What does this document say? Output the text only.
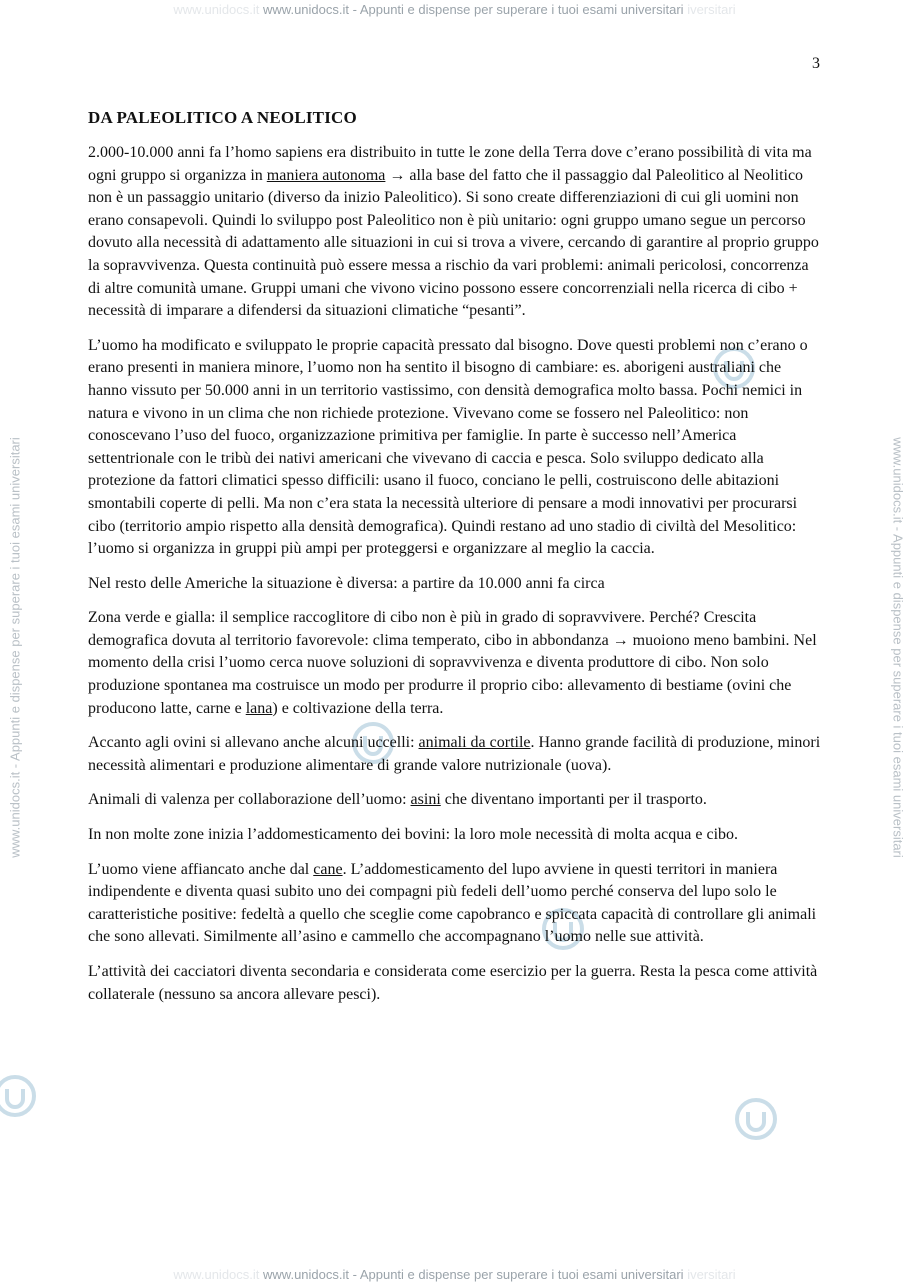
www.unidocs.it www.unidocs.it - Appunti e dispense per superare i tuoi esami universitari iversitari
www.unidocs.it - Appunti e dispense per superare i tuoi esami universitari	www.unidocs.it - Appunti e dispense per superare i tuoi esami universitari
3
DA PALEOLITICO A NEOLITICO

2.000-10.000 anni fa l’homo sapiens era distribuito in tutte le zone della Terra dove c’erano possibilità di vita ma ogni gruppo si organizza in maniera autonoma → alla base del fatto che il passaggio dal Paleolitico al Neolitico non è un passaggio unitario (diverso da inizio Paleolitico). Si sono create differenziazioni di cui gli uomini non erano consapevoli. Quindi lo sviluppo post Paleolitico non è più unitario: ogni gruppo umano segue un percorso dovuto alla necessità di adattamento alle situazioni in cui si trova a vivere, cercando di garantire al proprio gruppo la sopravvivenza. Questa continuità può essere messa a rischio da vari problemi: animali pericolosi, concorrenza di altre comunità umane. Gruppi umani che vivono vicino possono essere concorrenziali nella ricerca di cibo + necessità di imparare a difendersi da situazioni climatiche “pesanti”.

L’uomo ha modificato e sviluppato le proprie capacità pressato dal bisogno. Dove questi problemi non c’erano o erano presenti in maniera minore, l’uomo non ha sentito il bisogno di cambiare: es. aborigeni australiani che hanno vissuto per 50.000 anni in un territorio vastissimo, con densità demografica molto bassa. Pochi nemici in natura e vivono in un clima che non richiede protezione. Vivevano come se fossero nel Paleolitico: non conoscevano l’uso del fuoco, organizzazione primitiva per famiglie. In parte è successo nell’America settentrionale con le tribù dei nativi americani che vivevano di caccia e pesca. Solo sviluppo dedicato alla protezione da fattori climatici spesso difficili: usano il fuoco, conciano le pelli, costruiscono delle abitazioni smontabili coperte di pelli. Ma non c’era stata la necessità ulteriore di pensare a modi innovativi per procurarsi cibo (territorio ampio rispetto alla densità demografica). Quindi restano ad uno stadio di civiltà del Mesolitico: l’uomo si organizza in gruppi più ampi per proteggersi e organizzare al meglio la caccia.

Nel resto delle Americhe la situazione è diversa: a partire da 10.000 anni fa circa

Zona verde e gialla: il semplice raccoglitore di cibo non è più in grado di sopravvivere. Perché? Crescita demografica dovuta al territorio favorevole: clima temperato, cibo in abbondanza → muoiono meno bambini. Nel momento della crisi l’uomo cerca nuove soluzioni di sopravvivenza e diventa produttore di cibo. Non solo produzione spontanea ma costruisce un modo per produrre il proprio cibo: allevamento di bestiame (ovini che producono latte, carne e lana) e coltivazione della terra.

Accanto agli ovini si allevano anche alcuni uccelli: animali da cortile. Hanno grande facilità di produzione, minori necessità alimentari e produzione alimentare di grande valore nutrizionale (uova).

Animali di valenza per collaborazione dell’uomo: asini che diventano importanti per il trasporto.

In non molte zone inizia l’addomesticamento dei bovini: la loro mole necessità di molta acqua e cibo.

L’uomo viene affiancato anche dal cane. L’addomesticamento del lupo avviene in questi territori in maniera indipendente e diventa quasi subito uno dei compagni più fedeli dell’uomo perché conserva del lupo solo le caratteristiche positive: fedeltà a quello che sceglie come capobranco e spiccata capacità di controllare gli animali che sono allevati. Similmente all’asino e cammello che accompagnano l’uomo nelle sue attività.

L’attività dei cacciatori diventa secondaria e considerata come esercizio per la guerra. Resta la pesca come attività collaterale (nessuno sa ancora allevare pesci).

www.unidocs.it www.unidocs.it - Appunti e dispense per superare i tuoi esami universitari iversitari
